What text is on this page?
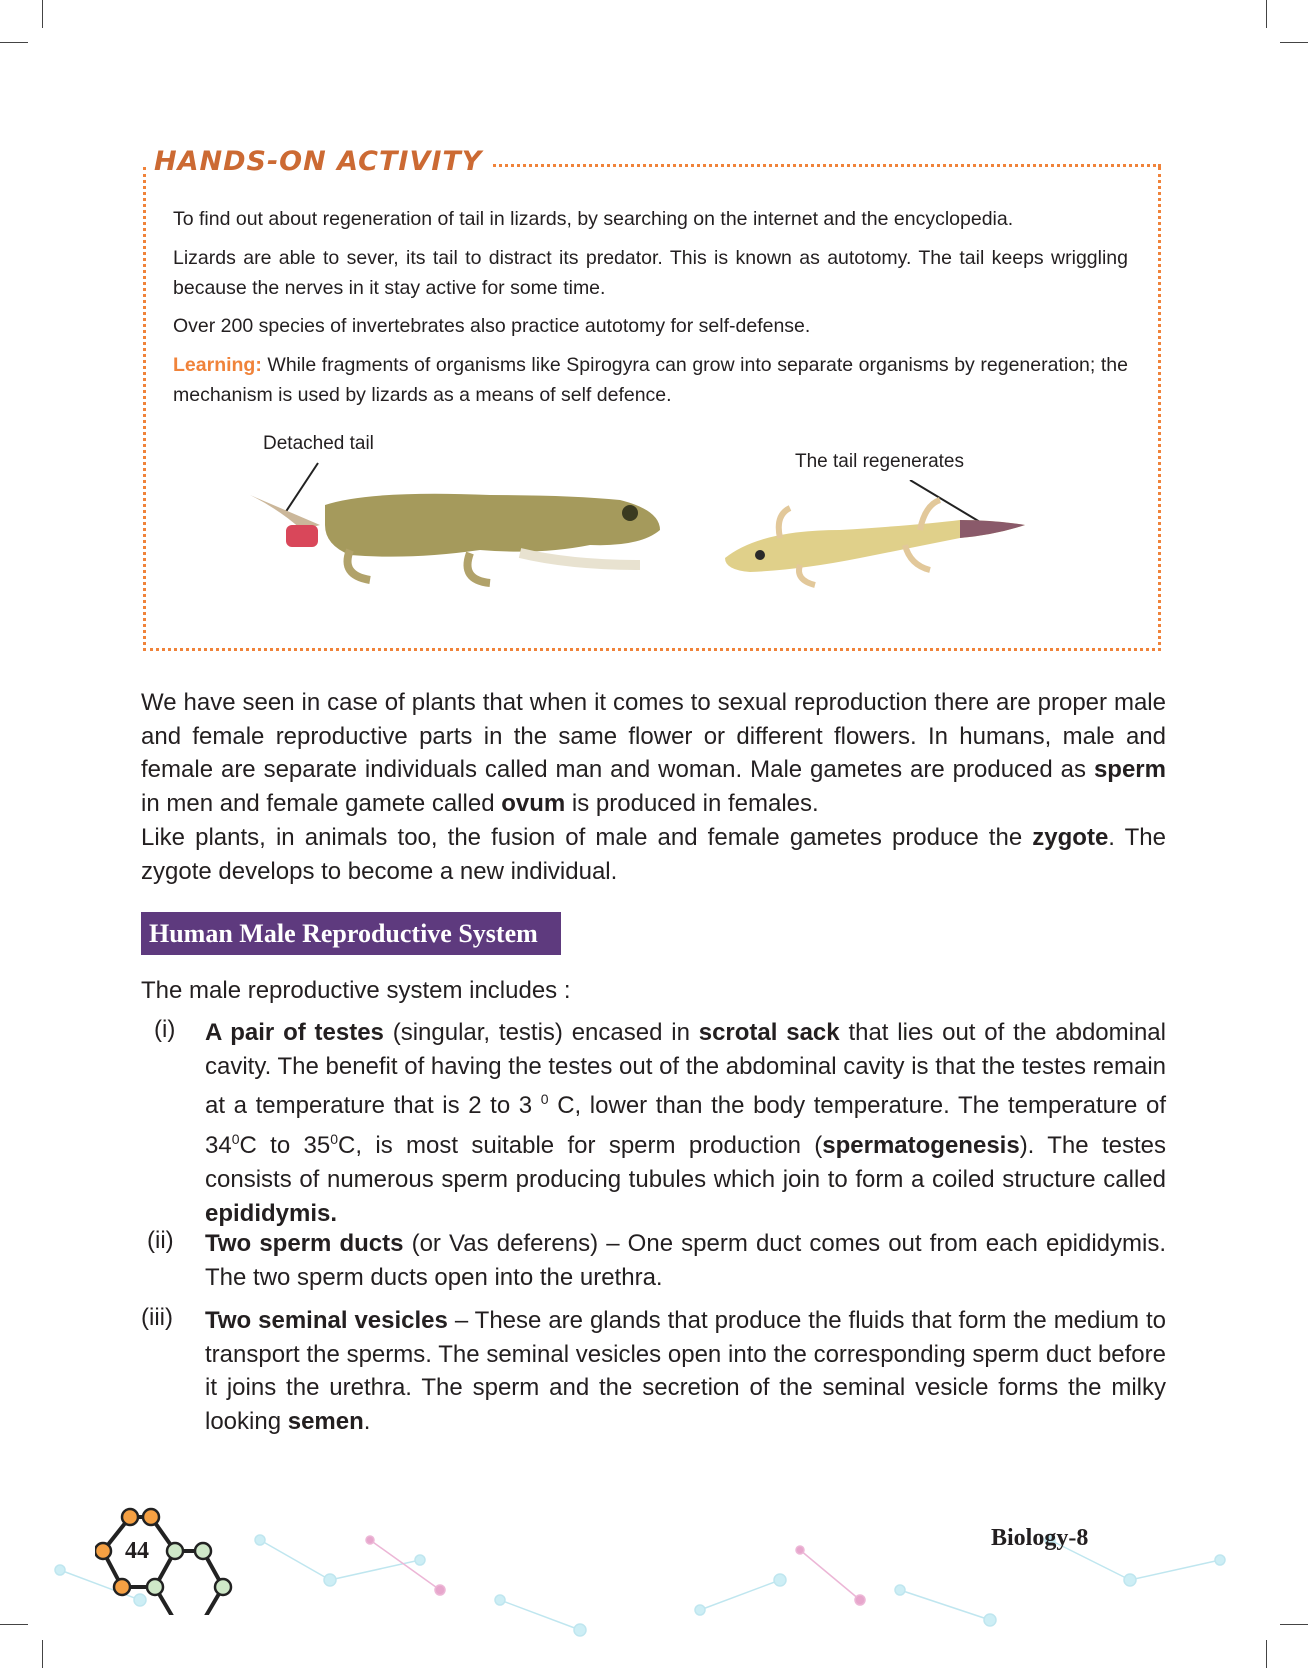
HANDS-ON ACTIVITY
To find out about regeneration of tail in lizards, by searching on the internet and the encyclopedia.
Lizards are able to sever, its tail to distract its predator. This is known as autotomy. The tail keeps wriggling because the nerves in it stay active for some time.
Over 200 species of invertebrates also practice autotomy for self-defense.
Learning: While fragments of organisms like Spirogyra can grow into separate organisms by regeneration; the mechanism is used by lizards as a means of self defence.
Detached tail
The tail regenerates
We have seen in case of plants that when it comes to sexual reproduction there are proper male and female reproductive parts in the same flower or different flowers. In humans, male and female are separate individuals called man and woman. Male gametes are produced as sperm in men and female gamete called ovum is produced in females.
Like plants, in animals too, the fusion of male and female gametes produce the zygote. The zygote develops to become a new individual.
Human Male Reproductive System
The male reproductive system includes :
(i) A pair of testes (singular, testis) encased in scrotal sack that lies out of the abdominal cavity. The benefit of having the testes out of the abdominal cavity is that the testes remain at a temperature that is 2 to 3 $^0$ C, lower than the body temperature. The temperature of $34^0C$ to $35^0C$, is most suitable for sperm production (spermatogenesis). The testes consists of numerous sperm producing tubules which join to form a coiled structure called epididymis.
(ii) Two sperm ducts (or Vas deferens) – One sperm duct comes out from each epididymis. The two sperm ducts open into the urethra.
(iii) Two seminal vesicles – These are glands that produce the fluids that form the medium to transport the sperms. The seminal vesicles open into the corresponding sperm duct before it joins the urethra. The sperm and the secretion of the seminal vesicle forms the milky looking semen.
44	Biology-8
